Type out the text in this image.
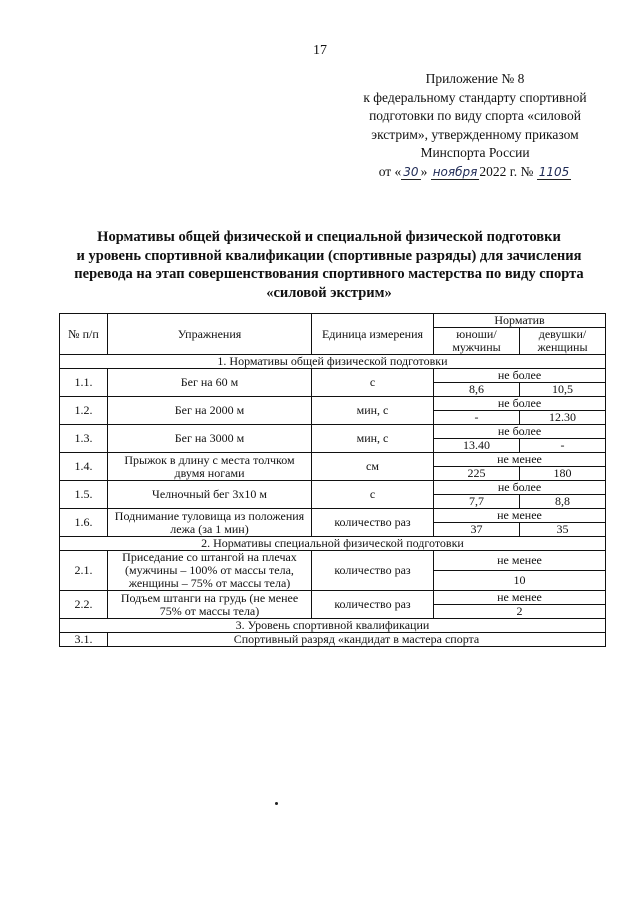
17
Приложение № 8
к федеральному стандарту спортивной
подготовки по виду спорта «силовой
экстрим», утвержденному приказом
Минспорта России
от « 30 » ноября 2022 г. № 1105
Нормативы общей физической и специальной физической подготовки
и уровень спортивной квалификации (спортивные разряды) для зачисления
перевода на этап совершенствования спортивного мастерства по виду спорта
«силовой экстрим»
№ п/п	Упражнения	Единица измерения	Норматив	
			юноши/ мужчины	девушки/ женщины

1. Нормативы общей физической подготовки				
1.1.	Бег на 60 м	с	не более	
			8,6	10,5
1.2.	Бег на 2000 м	мин, с	не более	
			-	12.30
1.3.	Бег на 3000 м	мин, с	не более	
			13.40	-
1.4.	Прыжок в длину с места толчком двумя ногами	см	не менее	
			225	180
1.5.	Челночный бег 3х10 м	с	не более	
			7,7	8,8
1.6.	Поднимание туловища из положения лежа (за 1 мин)	количество раз	не менее	
			37	35
2. Нормативы специальной физической подготовки				
2.1.	Приседание со штангой на плечах (мужчины – 100% от массы тела, женщины – 75% от массы тела)	количество раз	не менее	
			10	
2.2.	Подъем штанги на грудь (не менее 75% от массы тела)	количество раз	не менее	
			2	
3. Уровень спортивной квалификации				
3.1.	Спортивный разряд «кандидат в мастера спорта			
